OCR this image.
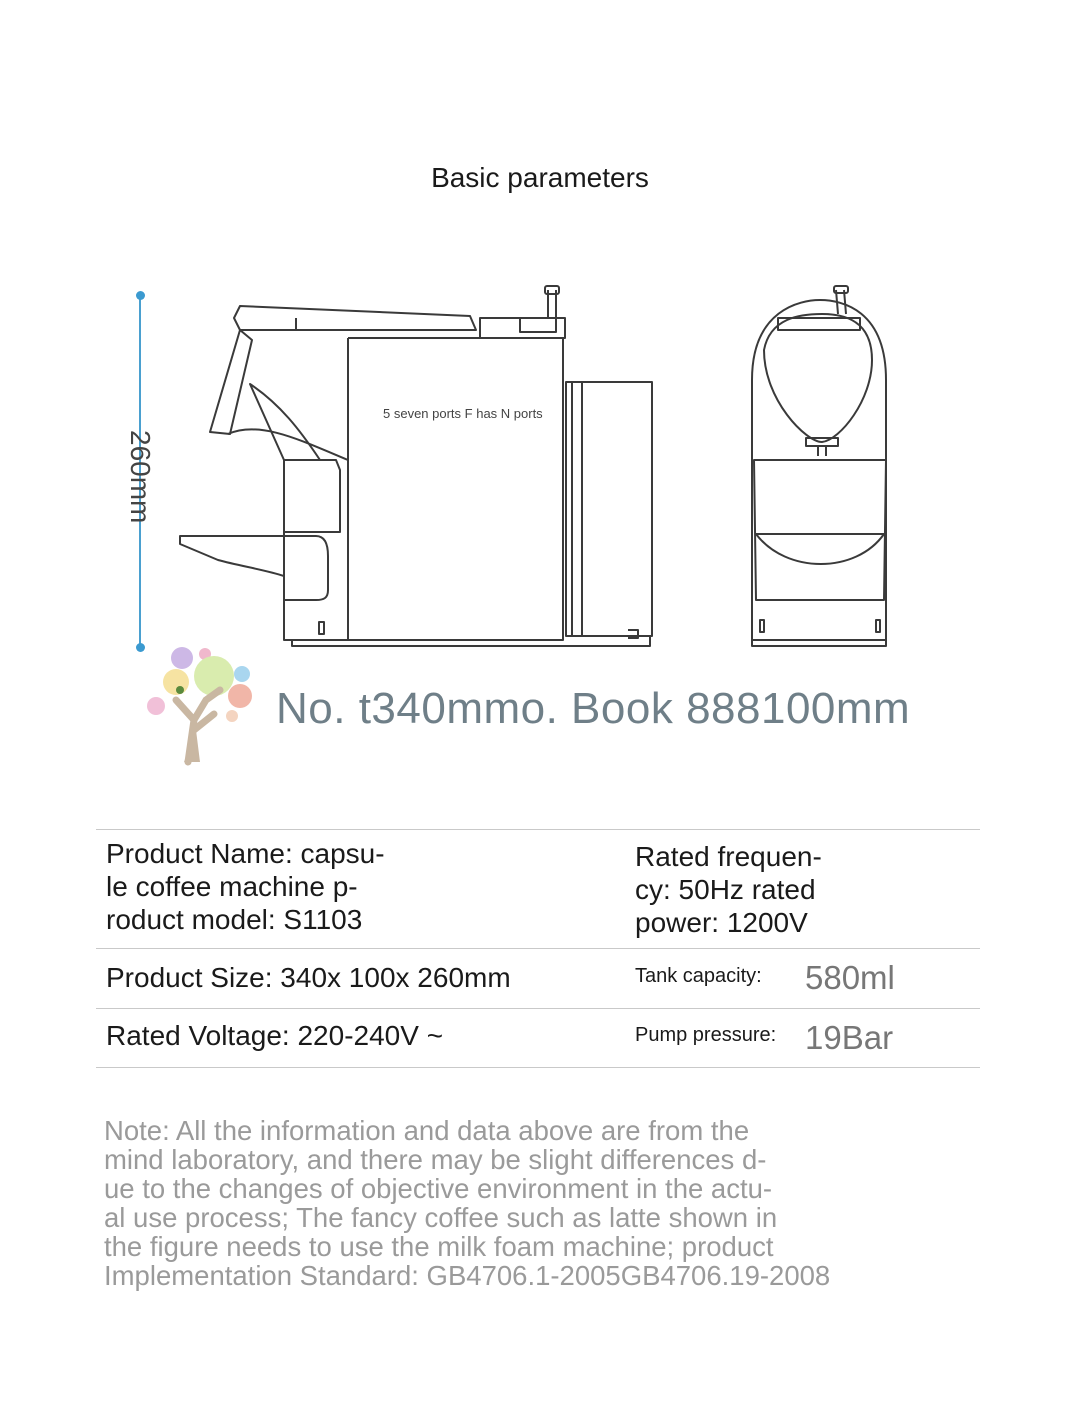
Basic parameters
260mm
5 seven ports F has N ports
No. t340mmo. Book 888100mm
Product Name: capsu-
le coffee machine p-
roduct model: S1103
Rated frequen-
cy: 50Hz rated
power: 1200V
Product Size: 340x 100x 260mm	Tank capacity: 580ml
Rated Voltage: 220-240V ~	Pump pressure: 19Bar
Note: All the information and data above are from the
mind laboratory, and there may be slight differences d-
ue to the changes of objective environment in the actu-
al use process; The fancy coffee such as latte shown in
the figure needs to use the milk foam machine; product
Implementation Standard: GB4706.1-2005GB4706.19-2008
